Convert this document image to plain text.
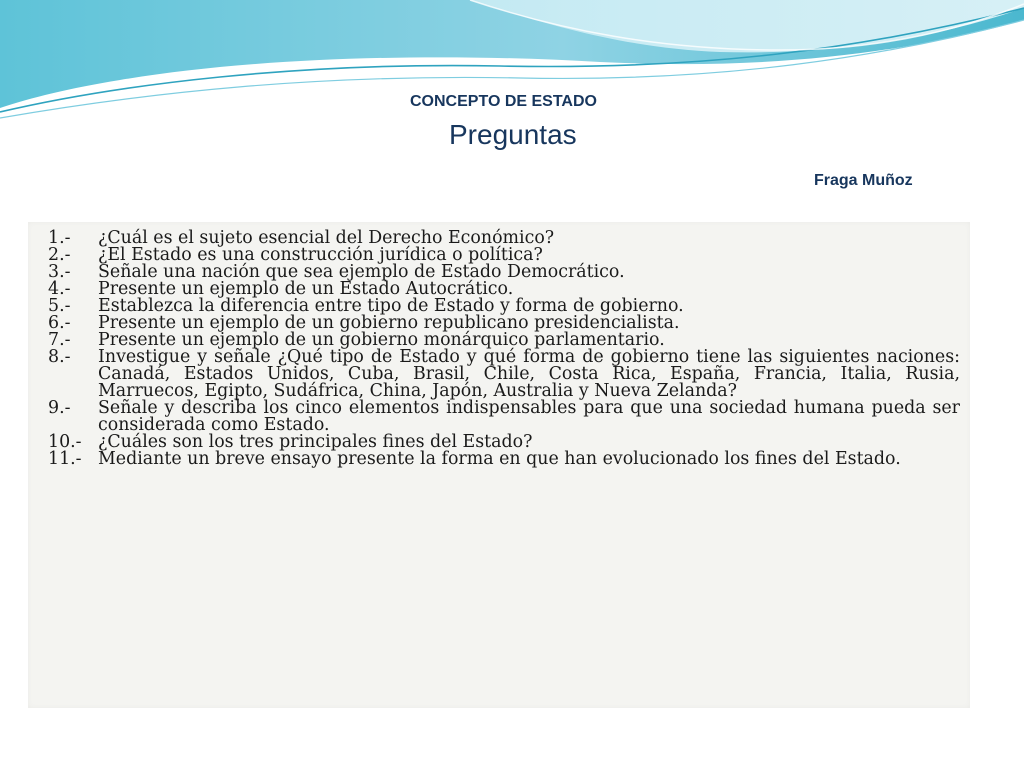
CONCEPTO DE ESTADO
Preguntas
Fraga Muñoz
1.-	¿Cuál es el sujeto esencial del Derecho Económico?
2.-	¿El Estado es una construcción jurídica o política?
3.-	Señale una nación que sea ejemplo de Estado Democrático.
4.-	Presente un ejemplo de un Estado Autocrático.
5.-	Establezca la diferencia entre tipo de Estado y forma de gobierno.
6.-	Presente un ejemplo de un gobierno republicano presidencialista.
7.-	Presente un ejemplo de un gobierno monárquico parlamentario.
8.-	Investigue y señale ¿Qué tipo de Estado y qué forma de gobierno tiene las siguientes naciones: Canadá, Estados Unidos, Cuba, Brasil, Chile, Costa Rica, España, Francia, Italia, Rusia, Marruecos, Egipto, Sudáfrica, China, Japón, Australia y Nueva Zelanda?
9.-	Señale y describa los cinco elementos indispensables para que una sociedad humana pueda ser considerada como Estado.
10.- ¿Cuáles son los tres principales fines del Estado?
11.- Mediante un breve ensayo presente la forma en que han evolucionado los fines del Estado.
